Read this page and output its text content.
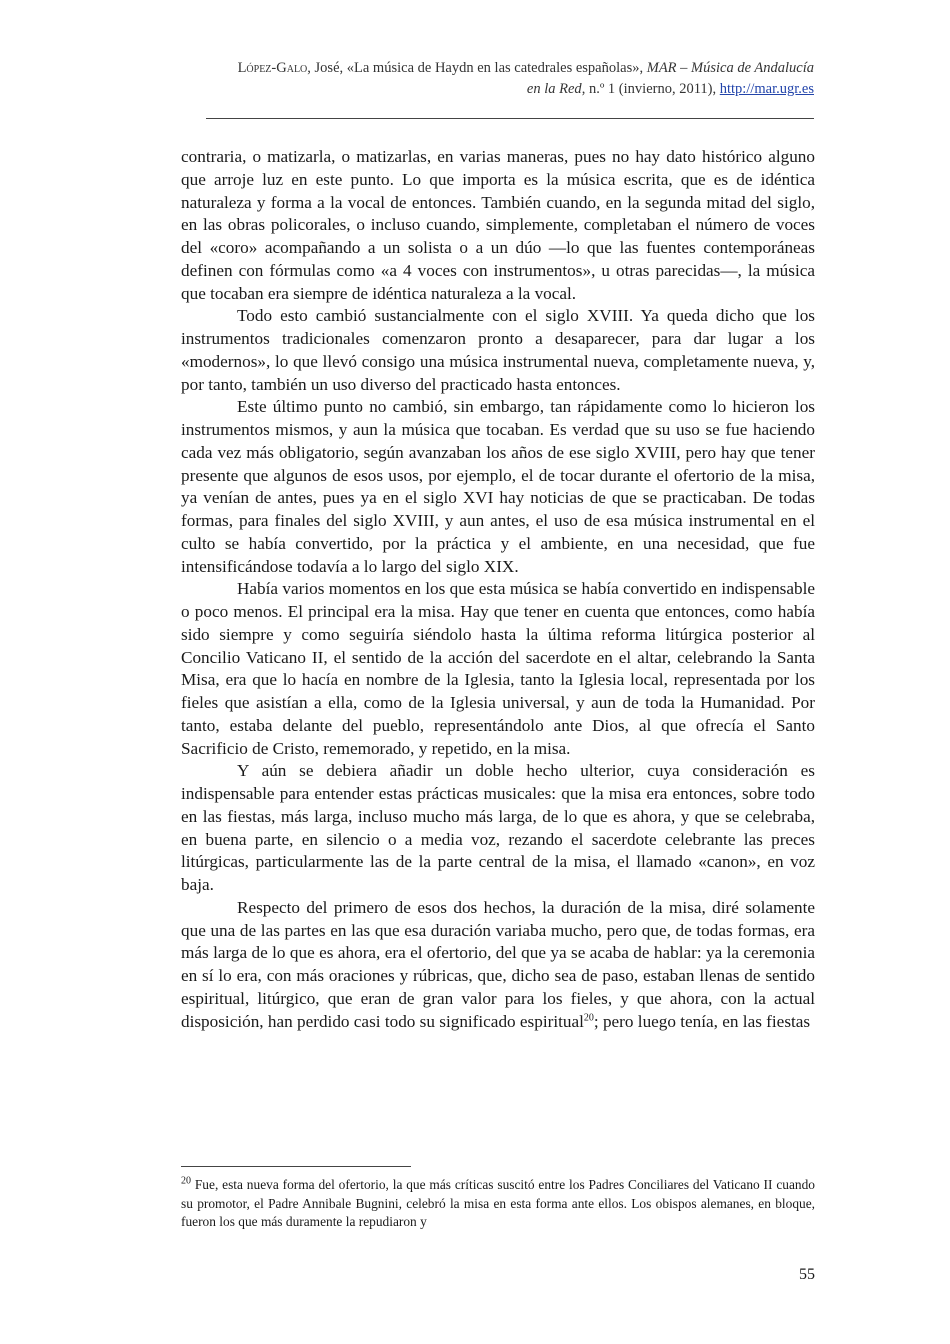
López-Galo, José, «La música de Haydn en las catedrales españolas», MAR – Música de Andalucía
en la Red, n.º 1 (invierno, 2011), http://mar.ugr.es

contraria, o matizarla, o matizarlas, en varias maneras, pues no hay dato histórico alguno que arroje luz en este punto. Lo que importa es la música escrita, que es de idéntica naturaleza y forma a la vocal de entonces. También cuando, en la segunda mitad del siglo, en las obras policorales, o incluso cuando, simplemente, completaban el número de voces del «coro» acompañando a un solista o a un dúo —lo que las fuentes contemporáneas definen con fórmulas como «a 4 voces con instrumentos», u otras parecidas—, la música que tocaban era siempre de idéntica naturaleza a la vocal.

Todo esto cambió sustancialmente con el siglo XVIII. Ya queda dicho que los instrumentos tradicionales comenzaron pronto a desaparecer, para dar lugar a los «modernos», lo que llevó consigo una música instrumental nueva, completamente nueva, y, por tanto, también un uso diverso del practicado hasta entonces.

Este último punto no cambió, sin embargo, tan rápidamente como lo hicieron los instrumentos mismos, y aun la música que tocaban. Es verdad que su uso se fue haciendo cada vez más obligatorio, según avanzaban los años de ese siglo XVIII, pero hay que tener presente que algunos de esos usos, por ejemplo, el de tocar durante el ofertorio de la misa, ya venían de antes, pues ya en el siglo XVI hay noticias de que se practicaban. De todas formas, para finales del siglo XVIII, y aun antes, el uso de esa música instrumental en el culto se había convertido, por la práctica y el ambiente, en una necesidad, que fue intensificándose todavía a lo largo del siglo XIX.

Había varios momentos en los que esta música se había convertido en indispensable o poco menos. El principal era la misa. Hay que tener en cuenta que entonces, como había sido siempre y como seguiría siéndolo hasta la última reforma litúrgica posterior al Concilio Vaticano II, el sentido de la acción del sacerdote en el altar, celebrando la Santa Misa, era que lo hacía en nombre de la Iglesia, tanto la Iglesia local, representada por los fieles que asistían a ella, como de la Iglesia universal, y aun de toda la Humanidad. Por tanto, estaba delante del pueblo, representándolo ante Dios, al que ofrecía el Santo Sacrificio de Cristo, rememorado, y repetido, en la misa.

Y aún se debiera añadir un doble hecho ulterior, cuya consideración es indispensable para entender estas prácticas musicales: que la misa era entonces, sobre todo en las fiestas, más larga, incluso mucho más larga, de lo que es ahora, y que se celebraba, en buena parte, en silencio o a media voz, rezando el sacerdote celebrante las preces litúrgicas, particularmente las de la parte central de la misa, el llamado «canon», en voz baja.

Respecto del primero de esos dos hechos, la duración de la misa, diré solamente que una de las partes en las que esa duración variaba mucho, pero que, de todas formas, era más larga de lo que es ahora, era el ofertorio, del que ya se acaba de hablar: ya la ceremonia en sí lo era, con más oraciones y rúbricas, que, dicho sea de paso, estaban llenas de sentido espiritual, litúrgico, que eran de gran valor para los fieles, y que ahora, con la actual disposición, han perdido casi todo su significado espiritual$^{20}$; pero luego tenía, en las fiestas

$^{20}$ Fue, esta nueva forma del ofertorio, la que más críticas suscitó entre los Padres Conciliares del Vaticano II cuando su promotor, el Padre Annibale Bugnini, celebró la misa en esta forma ante ellos. Los obispos alemanes, en bloque, fueron los que más duramente la repudiaron y

55
